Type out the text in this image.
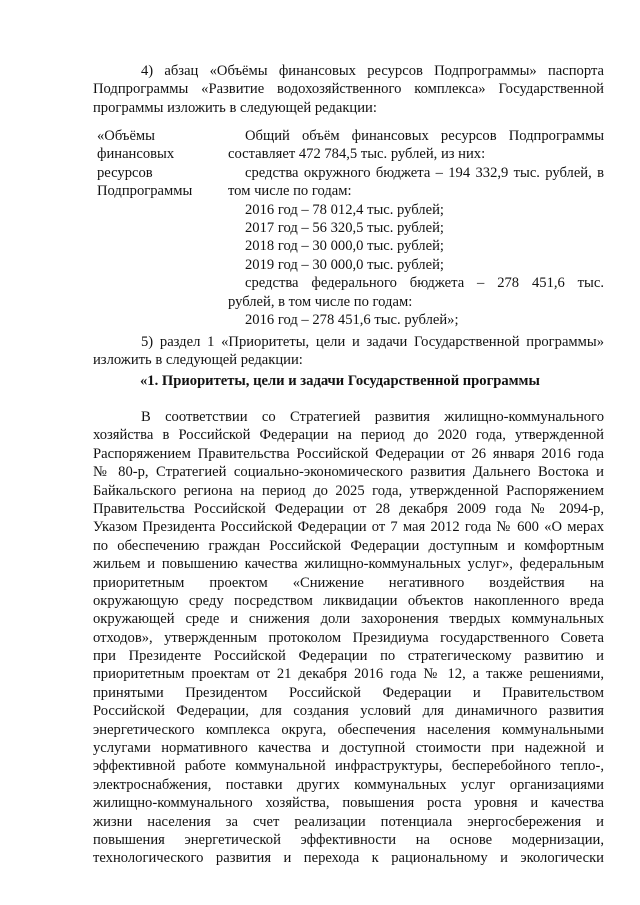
4) абзац «Объёмы финансовых ресурсов Подпрограммы» паспорта
Подпрограммы «Развитие водохозяйственного комплекса» Государственной
программы изложить в следующей редакции:
«Объёмы
финансовых
ресурсов
Подпрограммы
Общий объём финансовых ресурсов Подпрограммы
составляет 472 784,5 тыс. рублей, из них:
средства окружного бюджета – 194 332,9 тыс. рублей, в
том числе по годам:
2016 год – 78 012,4 тыс. рублей;
2017 год – 56 320,5 тыс. рублей;
2018 год – 30 000,0 тыс. рублей;
2019 год – 30 000,0 тыс. рублей;
средства федерального бюджета – 278 451,6 тыс.
рублей, в том числе по годам:
2016 год – 278 451,6 тыс. рублей»;
5) раздел 1 «Приоритеты, цели и задачи Государственной программы»
изложить в следующей редакции:
«1. Приоритеты, цели и задачи Государственной программы
В соответствии со Стратегией развития жилищно-коммунального
хозяйства в Российской Федерации на период до 2020 года, утвержденной
Распоряжением Правительства Российской Федерации от 26 января 2016 года
№ 80-р, Стратегией социально-экономического развития Дальнего Востока и
Байкальского региона на период до 2025 года, утвержденной Распоряжением
Правительства Российской Федерации от 28 декабря 2009 года № 2094-р,
Указом Президента Российской Федерации от 7 мая 2012 года № 600 «О мерах
по обеспечению граждан Российской Федерации доступным и комфортным
жильем и повышению качества жилищно-коммунальных услуг», федеральным
приоритетным проектом «Снижение негативного воздействия на
окружающую среду посредством ликвидации объектов накопленного вреда
окружающей среде и снижения доли захоронения твердых коммунальных
отходов», утвержденным протоколом Президиума государственного Совета
при Президенте Российской Федерации по стратегическому развитию и
приоритетным проектам от 21 декабря 2016 года № 12, а также решениями,
принятыми Президентом Российской Федерации и Правительством
Российской Федерации, для создания условий для динамичного развития
энергетического комплекса округа, обеспечения населения коммунальными
услугами нормативного качества и доступной стоимости при надежной и
эффективной работе коммунальной инфраструктуры, бесперебойного тепло-,
электроснабжения, поставки других коммунальных услуг организациями
жилищно-коммунального хозяйства, повышения роста уровня и качества
жизни населения за счет реализации потенциала энергосбережения и
повышения энергетической эффективности на основе модернизации,
технологического развития и перехода к рациональному и экологически
